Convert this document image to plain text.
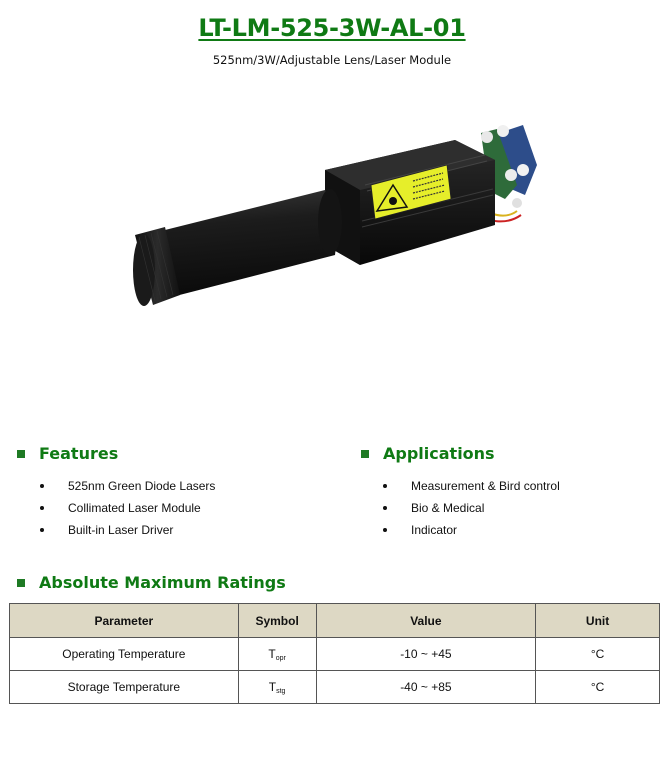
LT-LM-525-3W-AL-01
525nm/3W/Adjustable Lens/Laser Module
Features
525nm Green Diode Lasers
Collimated Laser Module
Built-in Laser Driver
Applications
Measurement & Bird control
Bio & Medical
Indicator
Absolute Maximum Ratings
Parameter	Symbol	Value	Unit
Operating Temperature	$T_{opr}$	-10 ~ +45	°C
Storage Temperature	$T_{stg}$	-40 ~ +85	°C
